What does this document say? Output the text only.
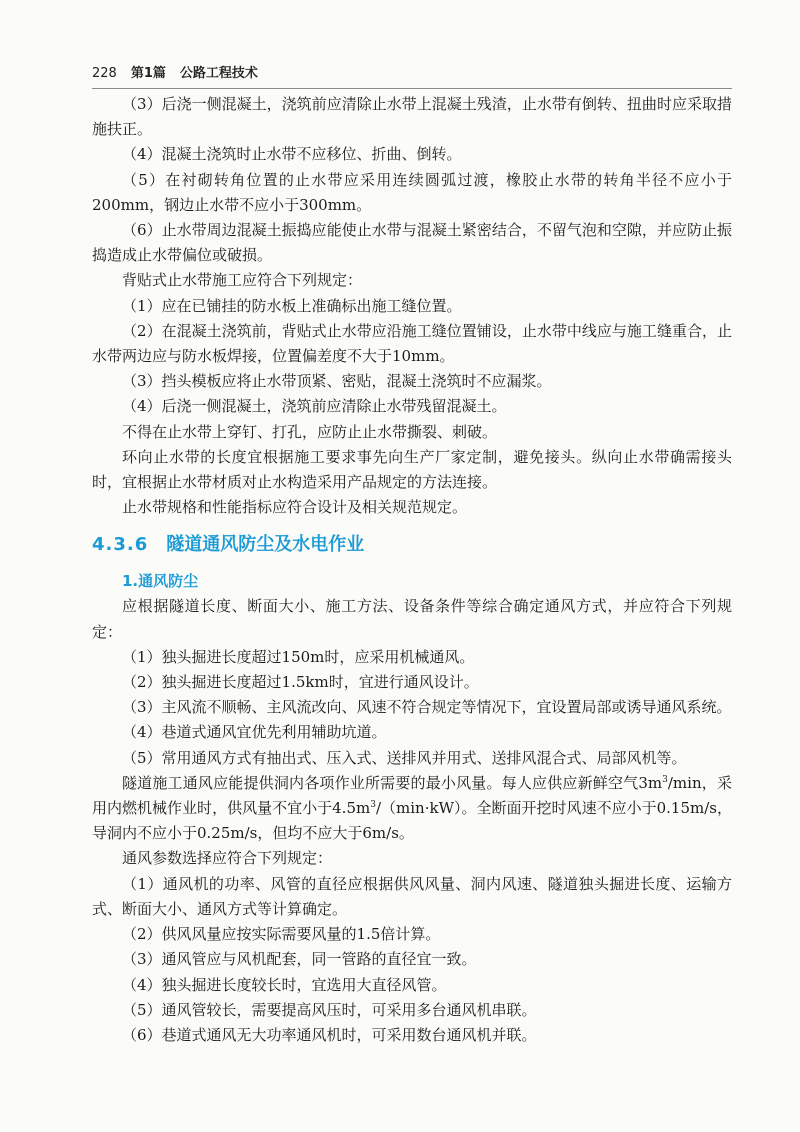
228 第1篇 公路工程技术

（3）后浇一侧混凝土，浇筑前应清除止水带上混凝土残渣，止水带有倒转、扭曲时应采取措施扶正。

（4）混凝土浇筑时止水带不应移位、折曲、倒转。

（5）在衬砌转角位置的止水带应采用连续圆弧过渡，橡胶止水带的转角半径不应小于200mm，钢边止水带不应小于300mm。

（6）止水带周边混凝土振捣应能使止水带与混凝土紧密结合，不留气泡和空隙，并应防止振捣造成止水带偏位或破损。

背贴式止水带施工应符合下列规定：

（1）应在已铺挂的防水板上准确标出施工缝位置。

（2）在混凝土浇筑前，背贴式止水带应沿施工缝位置铺设，止水带中线应与施工缝重合，止水带两边应与防水板焊接，位置偏差度不大于10mm。

（3）挡头模板应将止水带顶紧、密贴，混凝土浇筑时不应漏浆。

（4）后浇一侧混凝土，浇筑前应清除止水带残留混凝土。

不得在止水带上穿钉、打孔，应防止止水带撕裂、刺破。

环向止水带的长度宜根据施工要求事先向生产厂家定制，避免接头。纵向止水带确需接头时，宜根据止水带材质对止水构造采用产品规定的方法连接。

止水带规格和性能指标应符合设计及相关规范规定。

4.3.6 隧道通风防尘及水电作业

1.通风防尘

应根据隧道长度、断面大小、施工方法、设备条件等综合确定通风方式，并应符合下列规定：

（1）独头掘进长度超过150m时，应采用机械通风。

（2）独头掘进长度超过1.5km时，宜进行通风设计。

（3）主风流不顺畅、主风流改向、风速不符合规定等情况下，宜设置局部或诱导通风系统。

（4）巷道式通风宜优先利用辅助坑道。

（5）常用通风方式有抽出式、压入式、送排风并用式、送排风混合式、局部风机等。

隧道施工通风应能提供洞内各项作业所需要的最小风量。每人应供应新鲜空气$3m^3/\min$，采用内燃机械作业时，供风量不宜小于$4.5m^3/(\min\cdot kW)$。全断面开挖时风速不应小于0.15m/s，导洞内不应小于0.25m/s，但均不应大于6m/s。

通风参数选择应符合下列规定：

（1）通风机的功率、风管的直径应根据供风风量、洞内风速、隧道独头掘进长度、运输方式、断面大小、通风方式等计算确定。

（2）供风风量应按实际需要风量的1.5倍计算。

（3）通风管应与风机配套，同一管路的直径宜一致。

（4）独头掘进长度较长时，宜选用大直径风管。

（5）通风管较长，需要提高风压时，可采用多台通风机串联。

（6）巷道式通风无大功率通风机时，可采用数台通风机并联。
